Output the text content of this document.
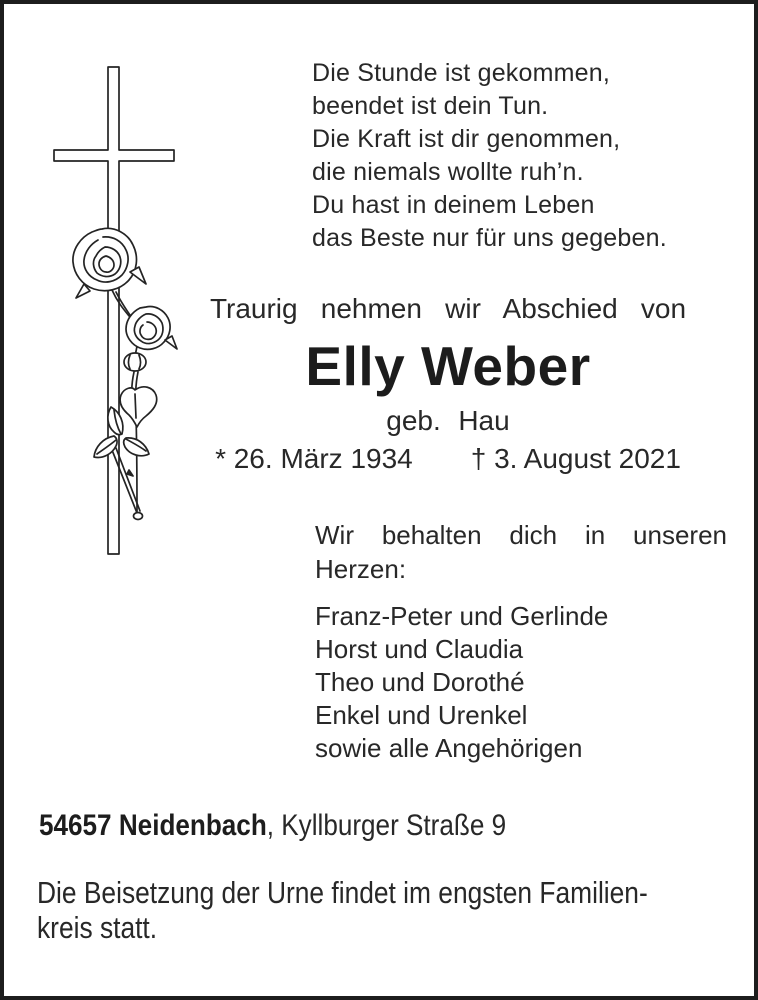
Die Stunde ist gekommen,
beendet ist dein Tun.
Die Kraft ist dir genommen,
die niemals wollte ruh’n.
Du hast in deinem Leben
das Beste nur für uns gegeben.
Traurig nehmen wir Abschied von
Elly Weber
geb. Hau
* 26. März 1934 † 3. August 2021
Wir behalten dich in unseren Herzen:
Franz-Peter und Gerlinde
Horst und Claudia
Theo und Dorothé
Enkel und Urenkel
sowie alle Angehörigen
54657 Neidenbach, Kyllburger Straße 9
Die Beisetzung der Urne findet im engsten Familien-
kreis statt.
